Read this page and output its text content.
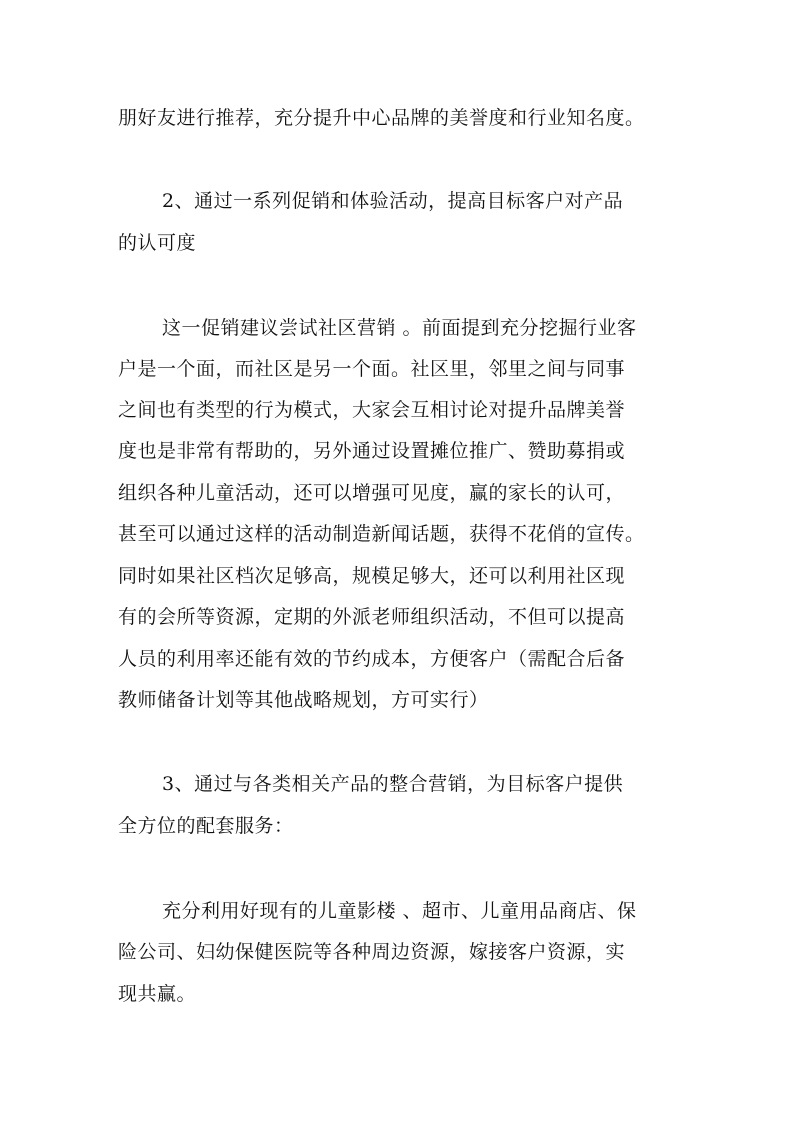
朋好友进行推荐，充分提升中心品牌的美誉度和行业知名度。
2、通过一系列促销和体验活动，提高目标客户对产品
的认可度
这一促销建议尝试社区营销 。前面提到充分挖掘行业客
户是一个面，而社区是另一个面。社区里，邻里之间与同事
之间也有类型的行为模式，大家会互相讨论对提升品牌美誉
度也是非常有帮助的，另外通过设置摊位推广、赞助募捐或
组织各种儿童活动，还可以增强可见度，赢的家长的认可，
甚至可以通过这样的活动制造新闻话题，获得不花俏的宣传。
同时如果社区档次足够高，规模足够大，还可以利用社区现
有的会所等资源，定期的外派老师组织活动，不但可以提高
人员的利用率还能有效的节约成本，方便客户（需配合后备
教师储备计划等其他战略规划，方可实行）
3、通过与各类相关产品的整合营销，为目标客户提供
全方位的配套服务：
充分利用好现有的儿童影楼 、超市、儿童用品商店、保
险公司、妇幼保健医院等各种周边资源，嫁接客户资源，实
现共赢。
